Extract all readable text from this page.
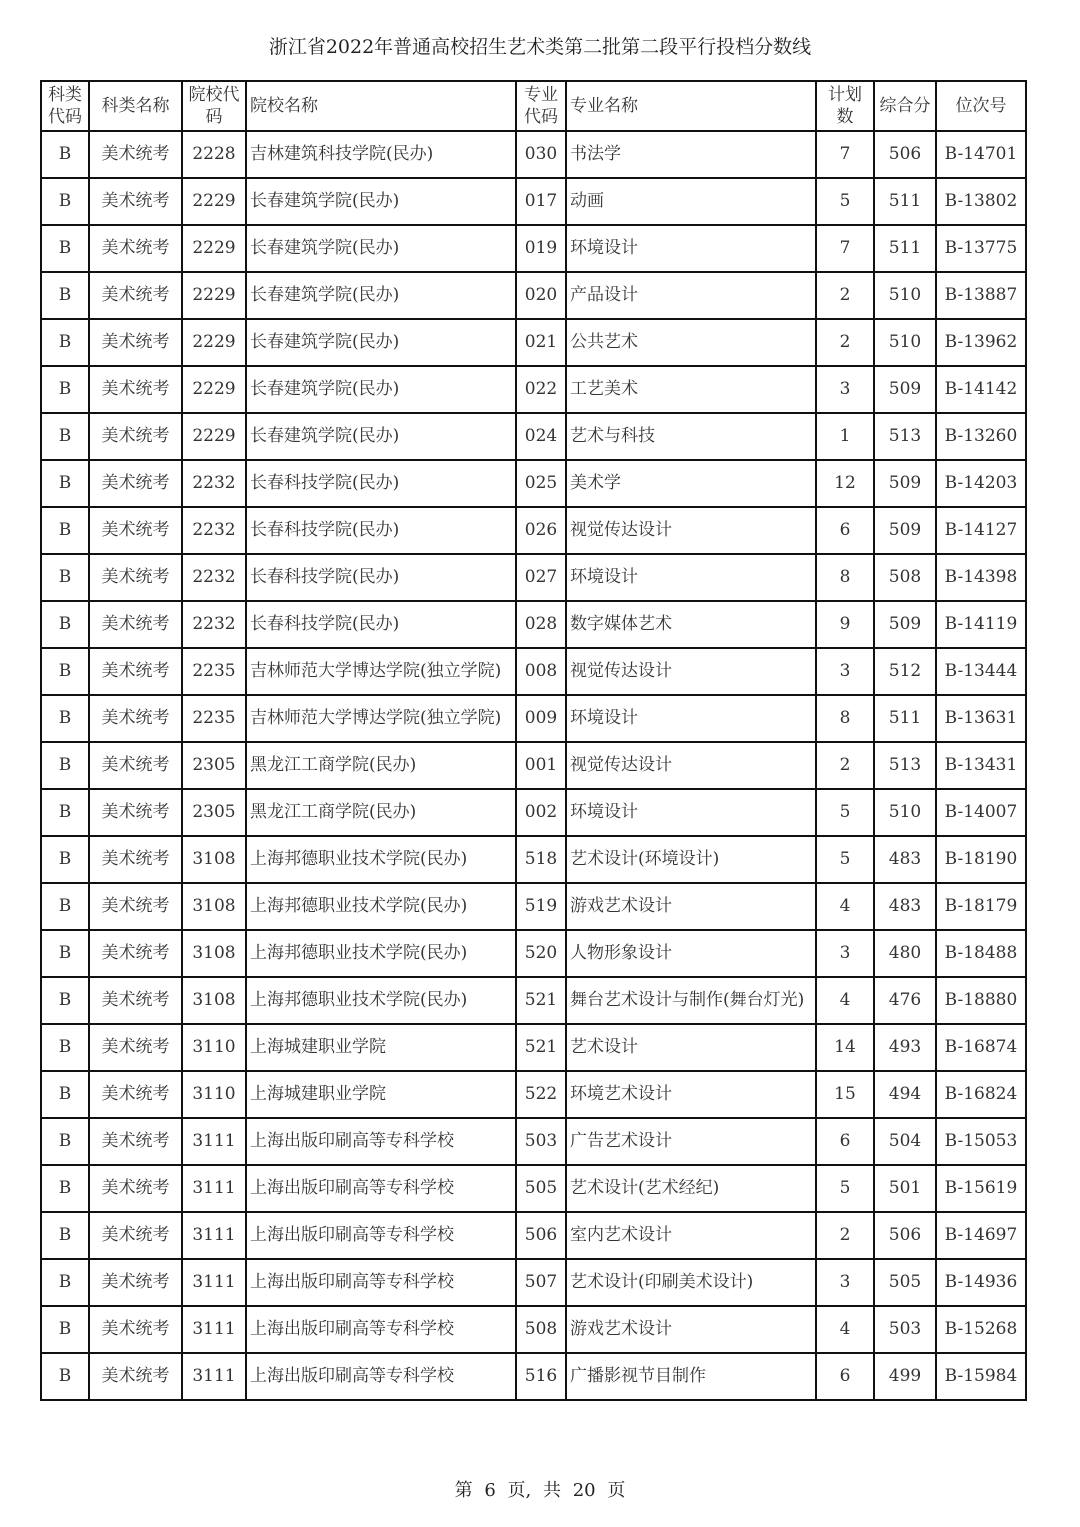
浙江省2022年普通高校招生艺术类第二批第二段平行投档分数线
科类代码	科类名称	院校代码	院校名称	专业代码	专业名称	计划数	综合分	位次号
B	美术统考	2228	吉林建筑科技学院(民办)	030	书法学	7	506	B-14701
B	美术统考	2229	长春建筑学院(民办)	017	动画	5	511	B-13802
B	美术统考	2229	长春建筑学院(民办)	019	环境设计	7	511	B-13775
B	美术统考	2229	长春建筑学院(民办)	020	产品设计	2	510	B-13887
B	美术统考	2229	长春建筑学院(民办)	021	公共艺术	2	510	B-13962
B	美术统考	2229	长春建筑学院(民办)	022	工艺美术	3	509	B-14142
B	美术统考	2229	长春建筑学院(民办)	024	艺术与科技	1	513	B-13260
B	美术统考	2232	长春科技学院(民办)	025	美术学	12	509	B-14203
B	美术统考	2232	长春科技学院(民办)	026	视觉传达设计	6	509	B-14127
B	美术统考	2232	长春科技学院(民办)	027	环境设计	8	508	B-14398
B	美术统考	2232	长春科技学院(民办)	028	数字媒体艺术	9	509	B-14119
B	美术统考	2235	吉林师范大学博达学院(独立学院)	008	视觉传达设计	3	512	B-13444
B	美术统考	2235	吉林师范大学博达学院(独立学院)	009	环境设计	8	511	B-13631
B	美术统考	2305	黑龙江工商学院(民办)	001	视觉传达设计	2	513	B-13431
B	美术统考	2305	黑龙江工商学院(民办)	002	环境设计	5	510	B-14007
B	美术统考	3108	上海邦德职业技术学院(民办)	518	艺术设计(环境设计)	5	483	B-18190
B	美术统考	3108	上海邦德职业技术学院(民办)	519	游戏艺术设计	4	483	B-18179
B	美术统考	3108	上海邦德职业技术学院(民办)	520	人物形象设计	3	480	B-18488
B	美术统考	3108	上海邦德职业技术学院(民办)	521	舞台艺术设计与制作(舞台灯光)	4	476	B-18880
B	美术统考	3110	上海城建职业学院	521	艺术设计	14	493	B-16874
B	美术统考	3110	上海城建职业学院	522	环境艺术设计	15	494	B-16824
B	美术统考	3111	上海出版印刷高等专科学校	503	广告艺术设计	6	504	B-15053
B	美术统考	3111	上海出版印刷高等专科学校	505	艺术设计(艺术经纪)	5	501	B-15619
B	美术统考	3111	上海出版印刷高等专科学校	506	室内艺术设计	2	506	B-14697
B	美术统考	3111	上海出版印刷高等专科学校	507	艺术设计(印刷美术设计)	3	505	B-14936
B	美术统考	3111	上海出版印刷高等专科学校	508	游戏艺术设计	4	503	B-15268
B	美术统考	3111	上海出版印刷高等专科学校	516	广播影视节目制作	6	499	B-15984
第 6 页, 共 20 页
